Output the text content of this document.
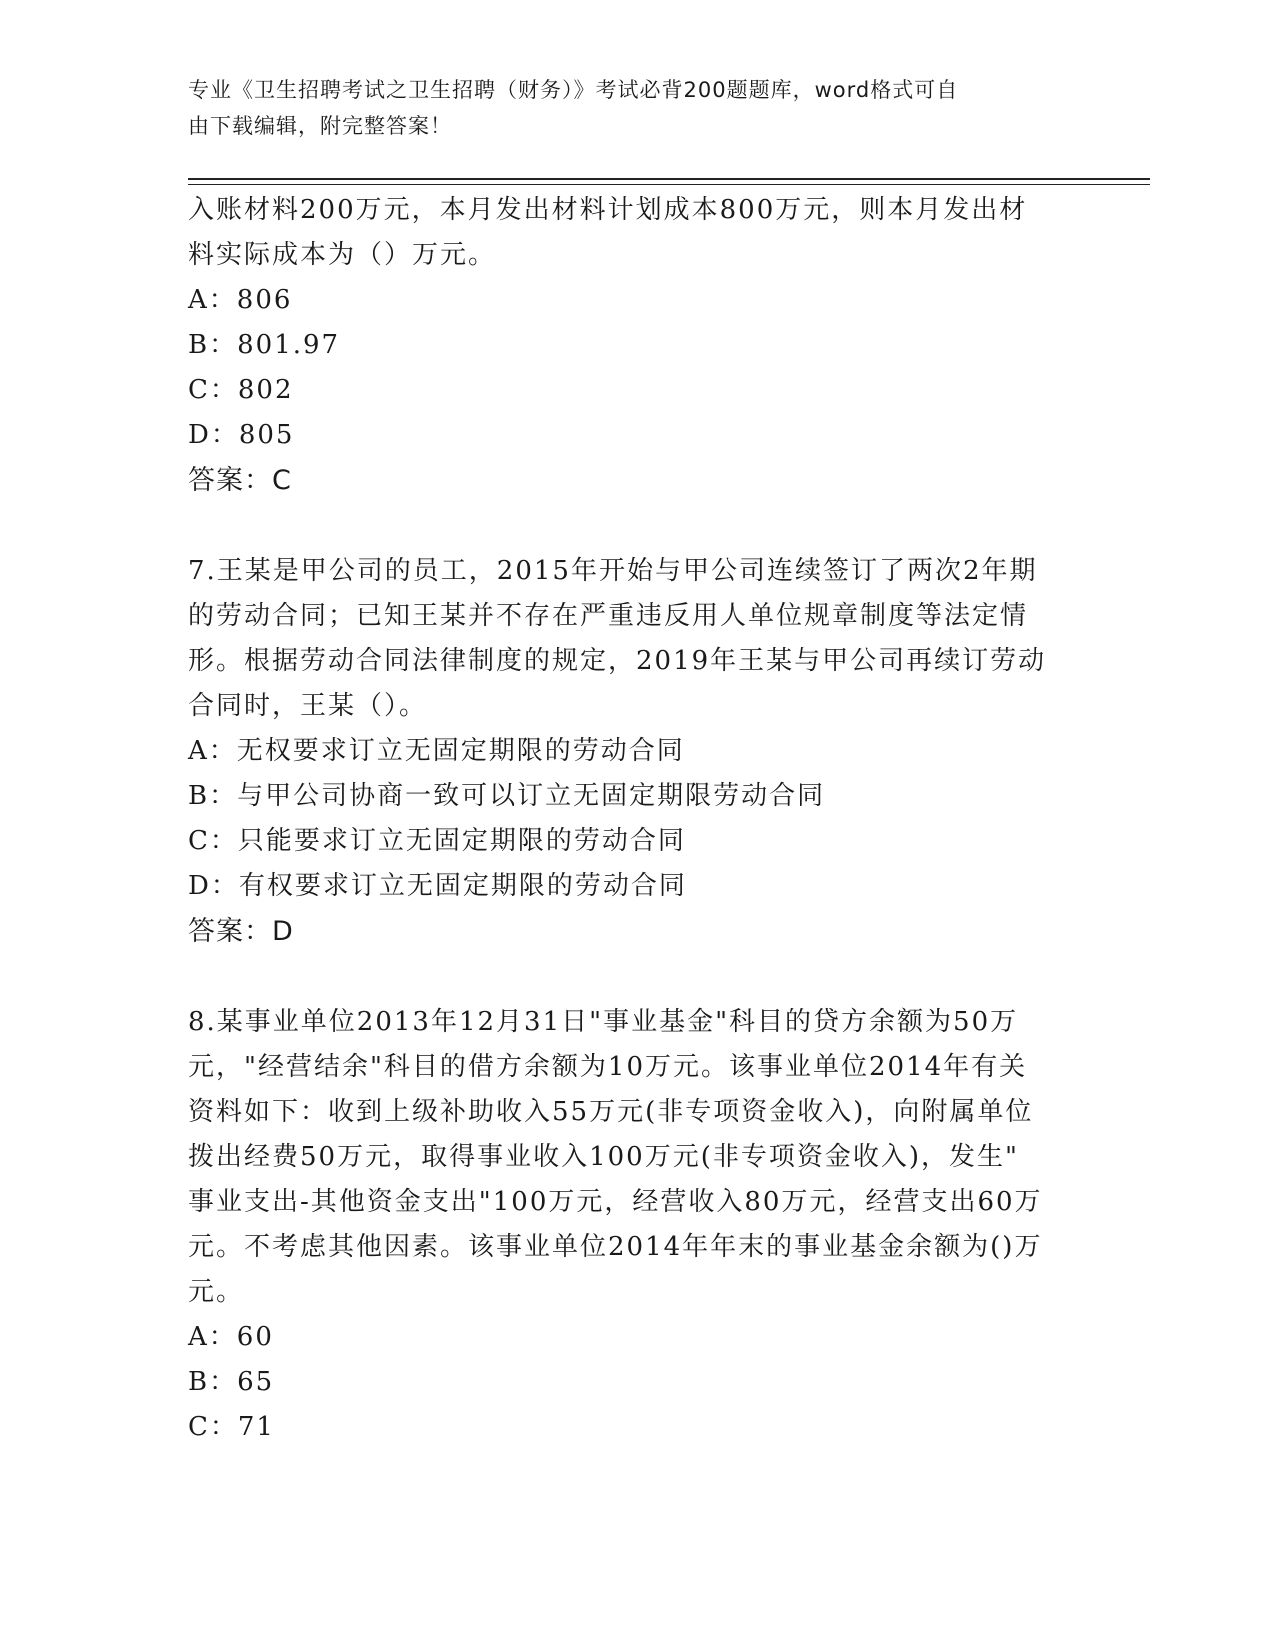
专业《卫生招聘考试之卫生招聘（财务）》考试必背200题题库，word格式可自
由下载编辑，附完整答案！

入账材料200万元，本月发出材料计划成本800万元，则本月发出材

料实际成本为（）万元。

A：806

B：801.97

C：802

D：805

答案：C

7.王某是甲公司的员工，2015年开始与甲公司连续签订了两次2年期

的劳动合同；已知王某并不存在严重违反用人单位规章制度等法定情

形。根据劳动合同法律制度的规定，2019年王某与甲公司再续订劳动

合同时，王某（）。

A：无权要求订立无固定期限的劳动合同

B：与甲公司协商一致可以订立无固定期限劳动合同

C：只能要求订立无固定期限的劳动合同

D：有权要求订立无固定期限的劳动合同

答案：D

8.某事业单位2013年12月31日"事业基金"科目的贷方余额为50万

元，"经营结余"科目的借方余额为10万元。该事业单位2014年有关

资料如下：收到上级补助收入55万元(非专项资金收入)，向附属单位

拨出经费50万元，取得事业收入100万元(非专项资金收入)，发生"

事业支出-其他资金支出"100万元，经营收入80万元，经营支出60万

元。不考虑其他因素。该事业单位2014年年末的事业基金余额为()万

元。

A：60

B：65

C：71
